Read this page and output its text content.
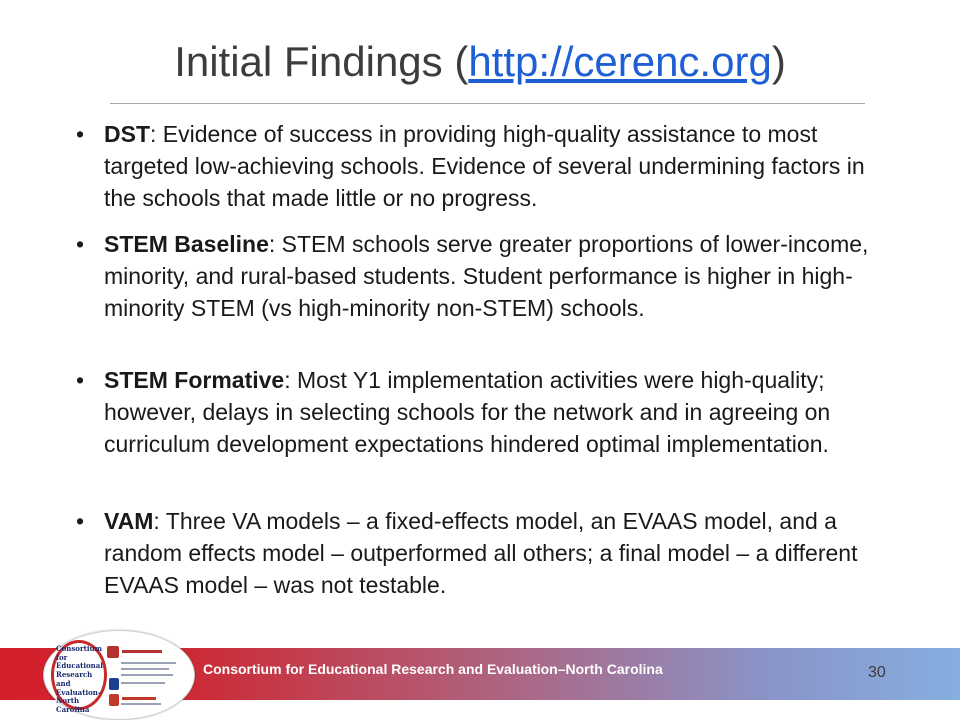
Initial Findings (http://cerenc.org)
• DST: Evidence of success in providing high-quality assistance to most targeted low-achieving schools. Evidence of several undermining factors in the schools that made little or no progress.
• STEM Baseline: STEM schools serve greater proportions of lower-income, minority, and rural-based students. Student performance is higher in high-minority STEM (vs high-minority non-STEM) schools.
• STEM Formative: Most Y1 implementation activities were high-quality; however, delays in selecting schools for the network and in agreeing on curriculum development expectations hindered optimal implementation.
• VAM: Three VA models – a fixed-effects model, an EVAAS model, and a random effects model – outperformed all others; a final model – a different EVAAS model – was not testable.
Consortium for Educational Research and Evaluation–North Carolina	30
Consortium for
Educational
Research and
Evaluation–
North
Carolina
